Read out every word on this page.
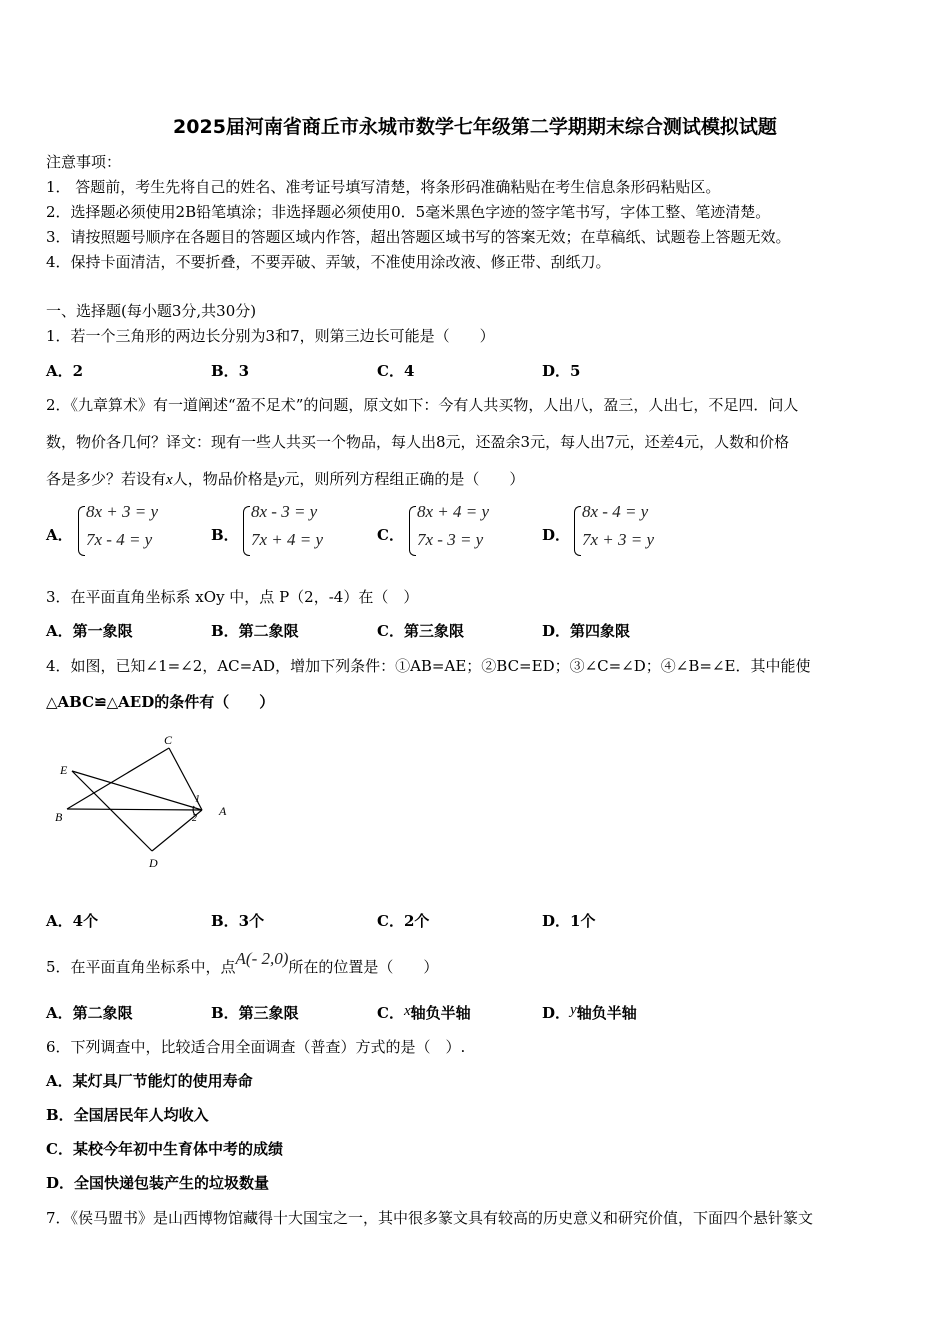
2025届河南省商丘市永城市数学七年级第二学期期末综合测试模拟试题
注意事项：
1． 答题前，考生先将自己的姓名、准考证号填写清楚，将条形码准确粘贴在考生信息条形码粘贴区。
2．选择题必须使用2B铅笔填涂；非选择题必须使用0．5毫米黑色字迹的签字笔书写，字体工整、笔迹清楚。
3．请按照题号顺序在各题目的答题区域内作答，超出答题区域书写的答案无效；在草稿纸、试题卷上答题无效。
4．保持卡面清洁，不要折叠，不要弄破、弄皱，不准使用涂改液、修正带、刮纸刀。
一、选择题(每小题3分,共30分)
1．若一个三角形的两边长分别为3和7，则第三边长可能是（　　）
A．2	B．3	C．4	D．5
2．《九章算术》有一道阐述“盈不足术”的问题，原文如下：今有人共买物，人出八，盈三，人出七，不足四．问人
数，物价各几何？译文：现有一些人共买一个物品，每人出8元，还盈余3元，每人出7元，还差4元，人数和价格
各是多少？若设有x人，物品价格是y元，则所列方程组正确的是（　　）
A．
8x + 3 = y
7x - 4 = y	B．
8x - 3 = y
7x + 4 = y	C．
8x + 4 = y
7x - 3 = y	D．
8x - 4 = y
7x + 3 = y
3．在平面直角坐标系 xOy 中，点 P（2，-4）在（　）
A．第一象限	B．第二象限	C．第三象限	D．第四象限
4．如图，已知∠1=∠2，AC=AD，增加下列条件：①AB=AE；②BC=ED；③∠C=∠D；④∠B=∠E．其中能使
△ABC≌△AED的条件有（　　）
C
E
B	A
D
1
2
A．4个	B．3个	C．2个	D．1个
5．在平面直角坐标系中，点A(- 2,0)所在的位置是（　　）
A．第二象限	B．第三象限	C．x轴负半轴	D．y轴负半轴
6．下列调查中，比较适合用全面调查（普查）方式的是（　）.
A．某灯具厂节能灯的使用寿命
B．全国居民年人均收入
C．某校今年初中生育体中考的成绩
D．全国快递包装产生的垃圾数量
7．《侯马盟书》是山西博物馆藏得十大国宝之一，其中很多篆文具有较高的历史意义和研究价值，下面四个悬针篆文
